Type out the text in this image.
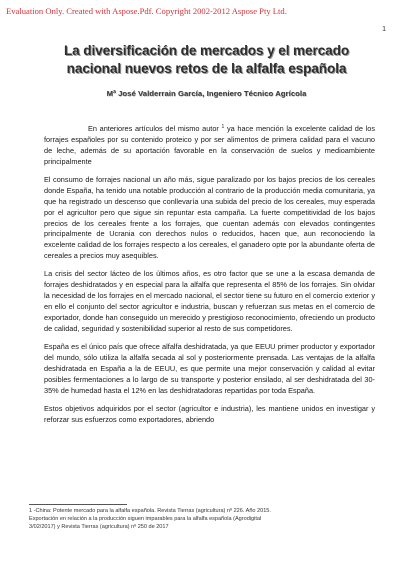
Evaluation Only. Created with Aspose.Pdf. Copyright 2002-2012 Aspose Pty Ltd.
1
La diversificación de mercados y el mercado
nacional nuevos retos de la alfalfa española
Mª José Valderrain García, Ingeniero Técnico Agrícola

En anteriores artículos del mismo autor $^1$ ya hace mención la excelente calidad de los forrajes españoles por su contenido proteico y por ser alimentos de primera calidad para el vacuno de leche, además de su aportación favorable en la conservación de suelos y medioambiente principalmente

El consumo de forrajes nacional un año más, sigue paralizado por los bajos precios de los cereales donde España, ha tenido una notable producción al contrario de la producción media comunitaria, ya que ha registrado un descenso que conllevaría una subida del precio de los cereales, muy esperada por el agricultor pero que sigue sin repuntar esta campaña. La fuerte competitividad de los bajos precios de los cereales frente a los forrajes, que cuentan además con elevados contingentes principalmente de Ucrania con derechos nulos o reducidos, hacen que, aun reconociendo la excelente calidad de los forrajes respecto a los cereales, el ganadero opte por la abundante oferta de cereales a precios muy asequibles.

La crisis del sector lácteo de los últimos años, es otro factor que se une a la escasa demanda de forrajes deshidratados y en especial para la alfalfa que representa el 85% de los forrajes. Sin olvidar la necesidad de los forrajes en el mercado nacional, el sector tiene su futuro en el comercio exterior y en ello el conjunto del sector agricultor e industria, buscan y refuerzan sus metas en el comercio de exportador, donde han conseguido un merecido y prestigioso reconocimiento, ofreciendo un producto de calidad, seguridad y sostenibilidad superior al resto de sus competidores.

España es el único país que ofrece alfalfa deshidratada, ya que EEUU primer productor y exportador del mundo, sólo utiliza la alfalfa secada al sol y posteriormente prensada. Las ventajas de la alfalfa deshidratada en España a la de EEUU, es que permite una mejor conservación y calidad al evitar posibles fermentaciones a lo largo de su transporte y posterior ensilado, al ser deshidratada del 30-35% de humedad hasta el 12% en las deshidratadoras repartidas por toda España.

Estos objetivos adquiridos por el sector (agricultor e industria), les mantiene unidos en investigar y reforzar sus esfuerzos como exportadores, abriendo

1 -China: Potente mercado para la alfalfa española. Revista Tierras (agricultura) nº 226. Año 2015.
Exportación en relación a la producción siguen imparables para la alfalfa española (Agrodigital
3/02/2017) y Revista Tierras (agricultura) nº 250 de 2017
